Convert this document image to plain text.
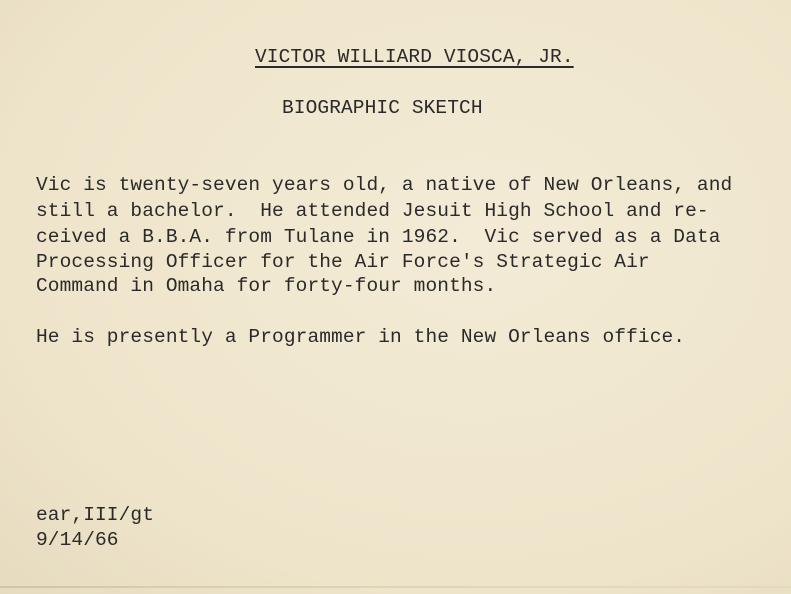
VICTOR WILLIARD VIOSCA, JR.
BIOGRAPHIC SKETCH
Vic is twenty-seven years old, a native of New Orleans, and
still a bachelor.  He attended Jesuit High School and re-
ceived a B.B.A. from Tulane in 1962.  Vic served as a Data
Processing Officer for the Air Force's Strategic Air
Command in Omaha for forty-four months.
He is presently a Programmer in the New Orleans office.
ear,III/gt
9/14/66
